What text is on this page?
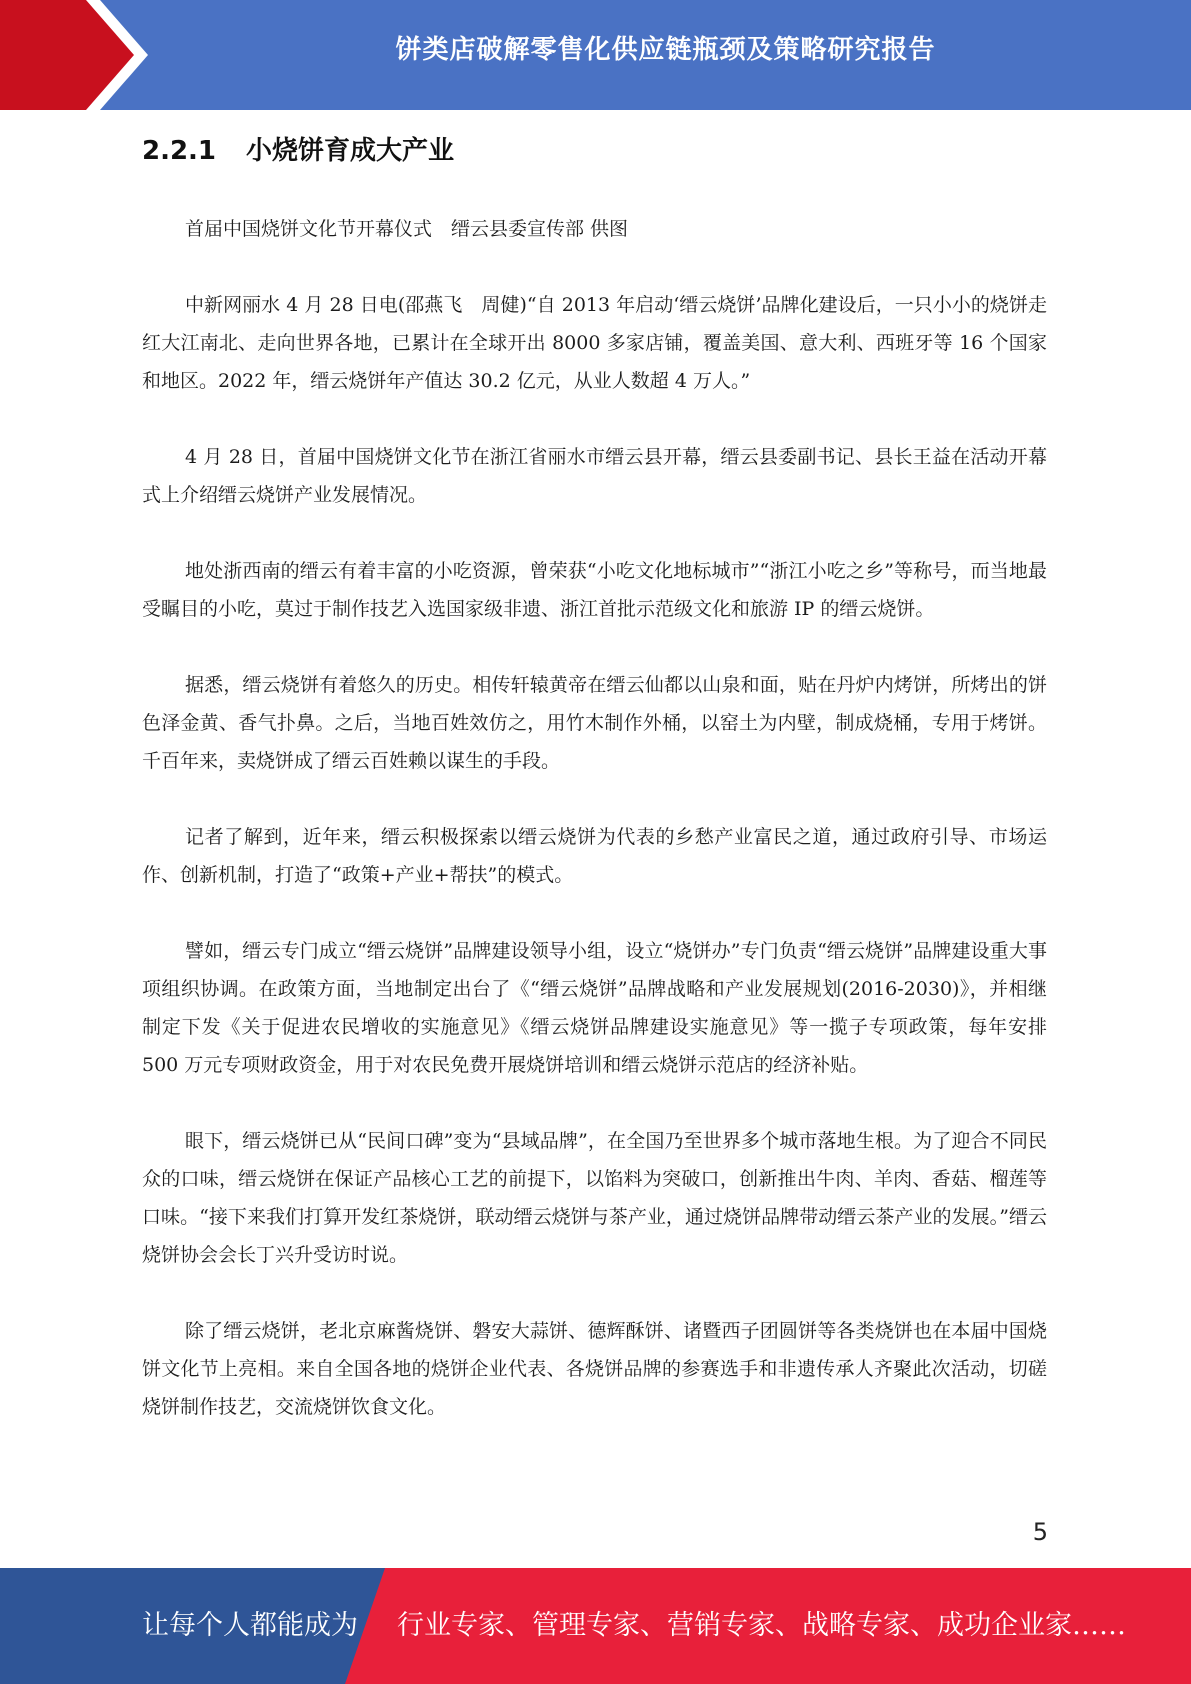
饼类店破解零售化供应链瓶颈及策略研究报告
2.2.1 小烧饼育成大产业

首届中国烧饼文化节开幕仪式　缙云县委宣传部 供图

中新网丽水 4 月 28 日电(邵燕飞　周健)“自 2013 年启动‘缙云烧饼’品牌化建设后，一只小小的烧饼走红大江南北、走向世界各地，已累计在全球开出 8000 多家店铺，覆盖美国、意大利、西班牙等 16 个国家和地区。2022 年，缙云烧饼年产值达 30.2 亿元，从业人数超 4 万人。”

4 月 28 日，首届中国烧饼文化节在浙江省丽水市缙云县开幕，缙云县委副书记、县长王益在活动开幕式上介绍缙云烧饼产业发展情况。

地处浙西南的缙云有着丰富的小吃资源，曾荣获“小吃文化地标城市”“浙江小吃之乡”等称号，而当地最受瞩目的小吃，莫过于制作技艺入选国家级非遗、浙江首批示范级文化和旅游 IP 的缙云烧饼。

据悉，缙云烧饼有着悠久的历史。相传轩辕黄帝在缙云仙都以山泉和面，贴在丹炉内烤饼，所烤出的饼色泽金黄、香气扑鼻。之后，当地百姓效仿之，用竹木制作外桶，以窑土为内壁，制成烧桶，专用于烤饼。千百年来，卖烧饼成了缙云百姓赖以谋生的手段。

记者了解到，近年来，缙云积极探索以缙云烧饼为代表的乡愁产业富民之道，通过政府引导、市场运作、创新机制，打造了“政策+产业+帮扶”的模式。

譬如，缙云专门成立“缙云烧饼”品牌建设领导小组，设立“烧饼办”专门负责“缙云烧饼”品牌建设重大事项组织协调。在政策方面，当地制定出台了《“缙云烧饼”品牌战略和产业发展规划(2016-2030)》，并相继制定下发《关于促进农民增收的实施意见》《缙云烧饼品牌建设实施意见》等一揽子专项政策，每年安排 500 万元专项财政资金，用于对农民免费开展烧饼培训和缙云烧饼示范店的经济补贴。

眼下，缙云烧饼已从“民间口碑”变为“县域品牌”，在全国乃至世界多个城市落地生根。为了迎合不同民众的口味，缙云烧饼在保证产品核心工艺的前提下，以馅料为突破口，创新推出牛肉、羊肉、香菇、榴莲等口味。“接下来我们打算开发红茶烧饼，联动缙云烧饼与茶产业，通过烧饼品牌带动缙云茶产业的发展。”缙云烧饼协会会长丁兴升受访时说。

除了缙云烧饼，老北京麻酱烧饼、磐安大蒜饼、德辉酥饼、诸暨西子团圆饼等各类烧饼也在本届中国烧饼文化节上亮相。来自全国各地的烧饼企业代表、各烧饼品牌的参赛选手和非遗传承人齐聚此次活动，切磋烧饼制作技艺，交流烧饼饮食文化。

5
让每个人都能成为 行业专家、管理专家、营销专家、战略专家、成功企业家……
